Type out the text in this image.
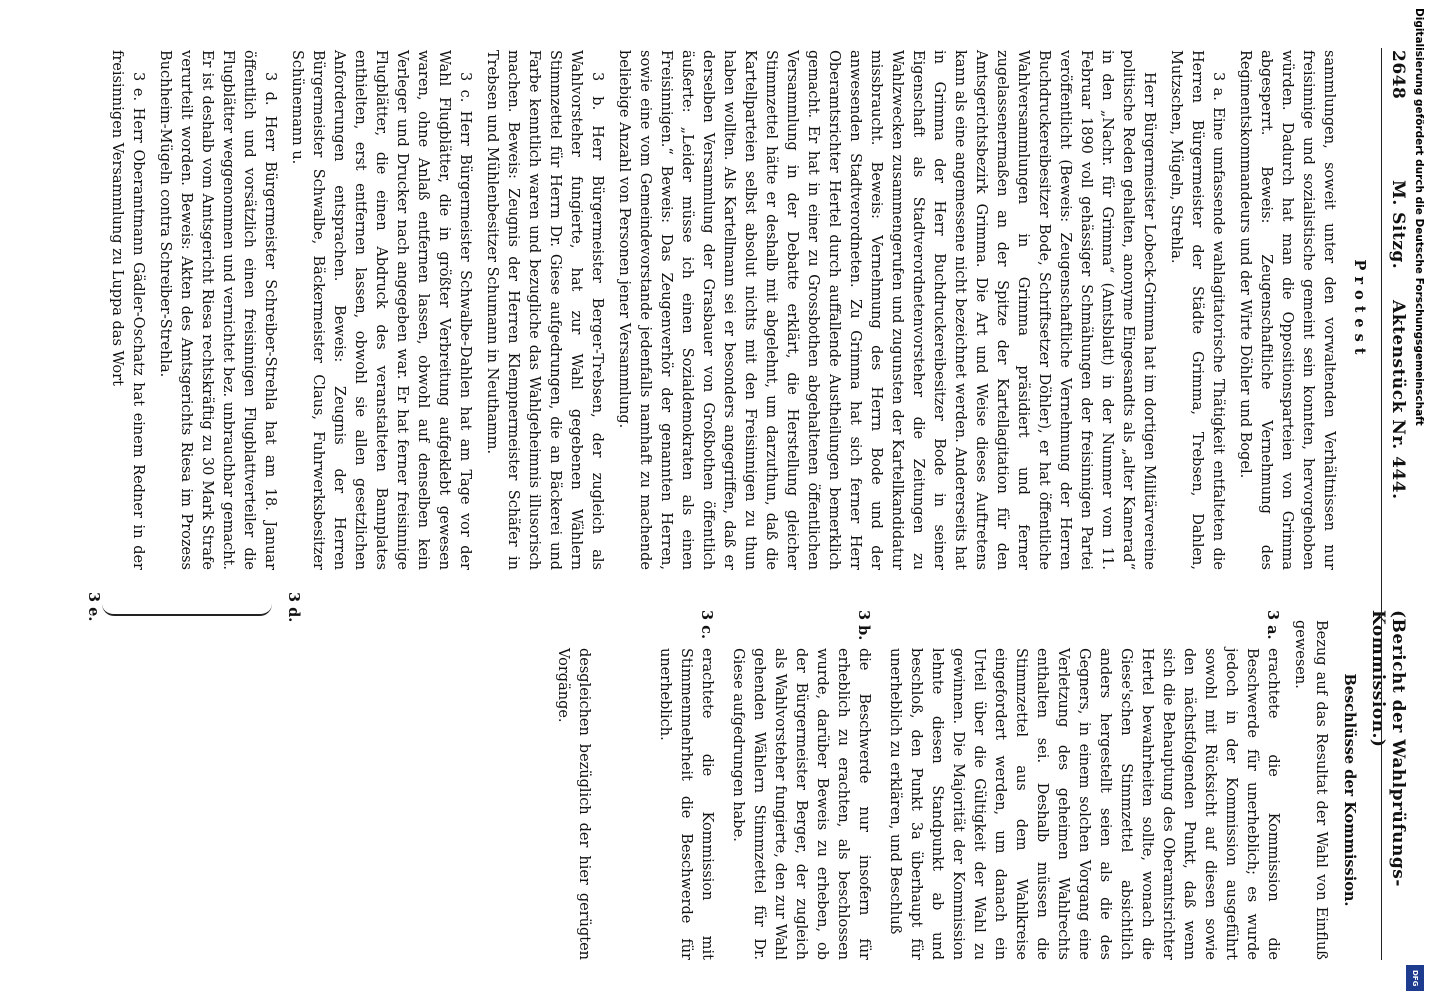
2648
M. Sitzg.
Aktenstück Nr. 444.
(Bericht der Wahlprüfungs-Kommission.)
Protest

sammlungen, soweit unter den vorwaltenden Verhältnissen nur freisinnige und sozialistische gemeint sein konnten, hervorgehoben würden. Dadurch hat man die Oppositionsparteien von Grimma abgesperrt. Beweis: Zeugenschaftliche Vernehmung des Regimentskommandeurs und der Wirte Döhler und Bogel.

3 a. Eine umfassende wahlagitatorische Thätigkeit entfalteten die Herren Bürgermeister der Städte Grimma, Trebsen, Dahlen, Mutzschen, Mügeln, Strehla.

Herr Bürgermeister Lobeck-Grimma hat im dortigen Militärvereine politische Reden gehalten, anonyme Eingesandts als „alter Kamerad“ in den „Nachr. für Grimma“ (Amtsblatt) in der Nummer vom 11. Februar 1890 voll gehässiger Schmähungen der freisinnigen Partei veröffentlicht (Beweis: Zeugenschaftliche Vernehmung der Herren Buchdruckereibesitzer Bode, Schriftsetzer Döhler), er hat öffentliche Wahlversammlungen in Grimma präsidiert und ferner zugelassenermaßen an der Spitze der Kartellagitation für den Amtsgerichtsbezirk Grimma. Die Art und Weise dieses Auftretens kann als eine angemessene nicht bezeichnet werden. Andererseits hat in Grimma der Herr Buchdruckereibesitzer Bode in seiner Eigenschaft als Stadtverordnetenvorsteher die Zeitungen zu Wahlzwecken zusammengerufen und zugunsten der Kartellkandidatur missbraucht. Beweis: Vernehmung des Herrn Bode und der anwesenden Stadtverordneten. Zu Grimma hat sich ferner Herr Oberamtsrichter Hertel durch auffallende Austheilungen bemerklich gemacht. Er hat in einer zu Grossbothen abgehaltenen öffentlichen Versammlung in der Debatte erklärt, die Herstellung gleicher Stimmzettel hätte er deshalb mit abgelehnt, um darzuthun, daß die Kartellparteien selbst absolut nichts mit den Freisinnigen zu thun haben wollten. Als Kartellmann sei er besonders angegriffen, daß er derselben Versammlung der Grasbauer von Großbothen öffentlich äußerte: „Leider müsse ich einen Sozialdemokraten als einen Freisinnigen.“ Beweis: Das Zeugenverhör der genannten Herren, sowie eine vom Gemeindevorstande jedenfalls namhaft zu machende beliebige Anzahl von Personen jener Versammlung.

3 b. Herr Bürgermeister Berger-Trebsen, der zugleich als Wahlvorsteher fungierte, hat zur Wahl gegebenen Wählern Stimmzettel für Herrn Dr. Giese aufgedrungen, die an Bäckerei und Farbe kenntlich waren und bezugliche das Wahlgeheimnis illusorisch machen. Beweis: Zeugnis der Herren Klempnermeister Schäfer in Trebsen und Mühlenbesitzer Schumann in Neuthamm.

3 c. Herr Bürgermeister Schwalbe-Dahlen hat am Tage vor der Wahl Flugblätter, die in größter Verbreitung aufgeklebt gewesen waren, ohne Anlaß entfernen lassen, obwohl auf denselben kein Verleger und Drucker nach angegeben war. Er hat ferner freisinnige Flugblätter, die einen Abdruck des veranstalteten Bannplates enthielten, erst entfernen lassen, obwohl sie allen gesetzlichen Anforderungen entsprachen. Beweis: Zeugnis der Herren Bürgermeister Schwalbe, Bäckermeister Claus, Fuhrwerksbesitzer Schünemann u.

3 d. Herr Bürgermeister Schreiber-Strehla hat am 18. Januar öffentlich und vorsätzlich einen freisinnigen Flugblattverteiler die Flugblätter weggenommen und vernichtet bez. unbrauchbar gemacht. Er ist deshalb vom Amtsgericht Riesa rechtskräftig zu 30 Mark Strafe verurteilt worden. Beweis: Akten des Amtsgerichts Riesa im Prozess Buchheim-Mügeln contra Schreiber-Strehla.

3 e. Herr Oberamtmann Gädler-Oschatz hat einem Redner in der freisinnigen Versammlung zu Luppa das Wort

Beschlüsse der Kommission.

Bezug auf das Resultat der Wahl von Einfluß gewesen.

3 a.
erachtete die Kommission die Beschwerde für unerheblich; es wurde jedoch in der Kommission ausgeführt sowohl mit Rücksicht auf diesen sowie den nächstfolgenden Punkt, daß wenn sich die Behauptung des Oberamtsrichter Hertel bewahrheiten sollte, wonach die Giese'schen Stimmzettel absichtlich anders hergestellt seien als die des Gegners, in einem solchen Vorgang eine Verletzung des geheimen Wahlrechts enthalten sei. Deshalb müssen die Stimmzettel aus dem Wahlkreise eingefordert werden, um danach ein Urteil über die Gültigkeit der Wahl zu gewinnen. Die Majorität der Kommission lehnte diesen Standpunkt ab und beschloß, den Punkt 3a überhaupt für unerheblich zu erklären, und Beschluß
3 b.
die Beschwerde nur insofern für erheblich zu erachten, als beschlossen wurde, darüber Beweis zu erheben, ob der Bürgermeister Berger, der zugleich als Wahlvorsteher fungierte, den zur Wahl gehenden Wählern Stimmzettel für Dr. Giese aufgedrungen habe.
3 c.
erachtete die Kommission mit Stimmenmehrheit die Beschwerde für unerheblich.
desgleichen bezüglich der hier gerügten Vorgänge.
3 d.
3 e.
Digitalisierung gefördert durch die Deutsche Forschungsgemeinschaft
DFG
